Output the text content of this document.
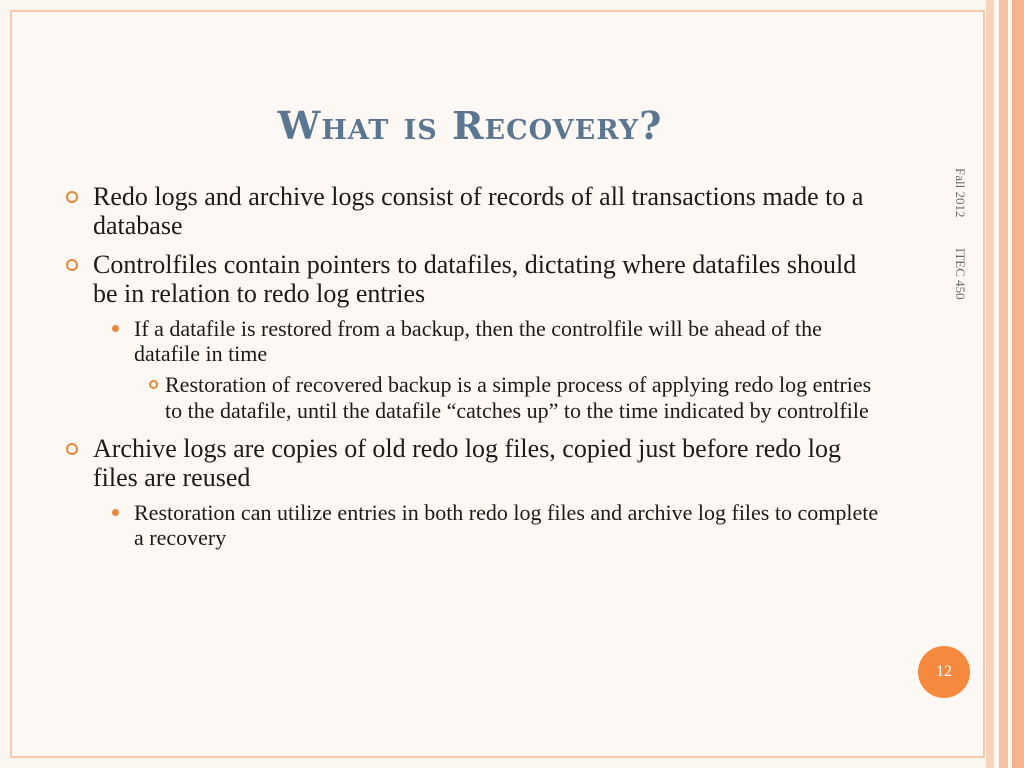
What is Recovery?
Fall 2012  ITEC 450
Redo logs and archive logs consist of records of all transactions made to a database
Controlfiles contain pointers to datafiles, dictating where datafiles should be in relation to redo log entries
If a datafile is restored from a backup, then the controlfile will be ahead of the datafile in time
Restoration of recovered backup is a simple process of applying redo log entries to the datafile, until the datafile “catches up” to the time indicated by controlfile
Archive logs are copies of old redo log files, copied just before redo log files are reused
Restoration can utilize entries in both redo log files and archive log files to complete a recovery
12
